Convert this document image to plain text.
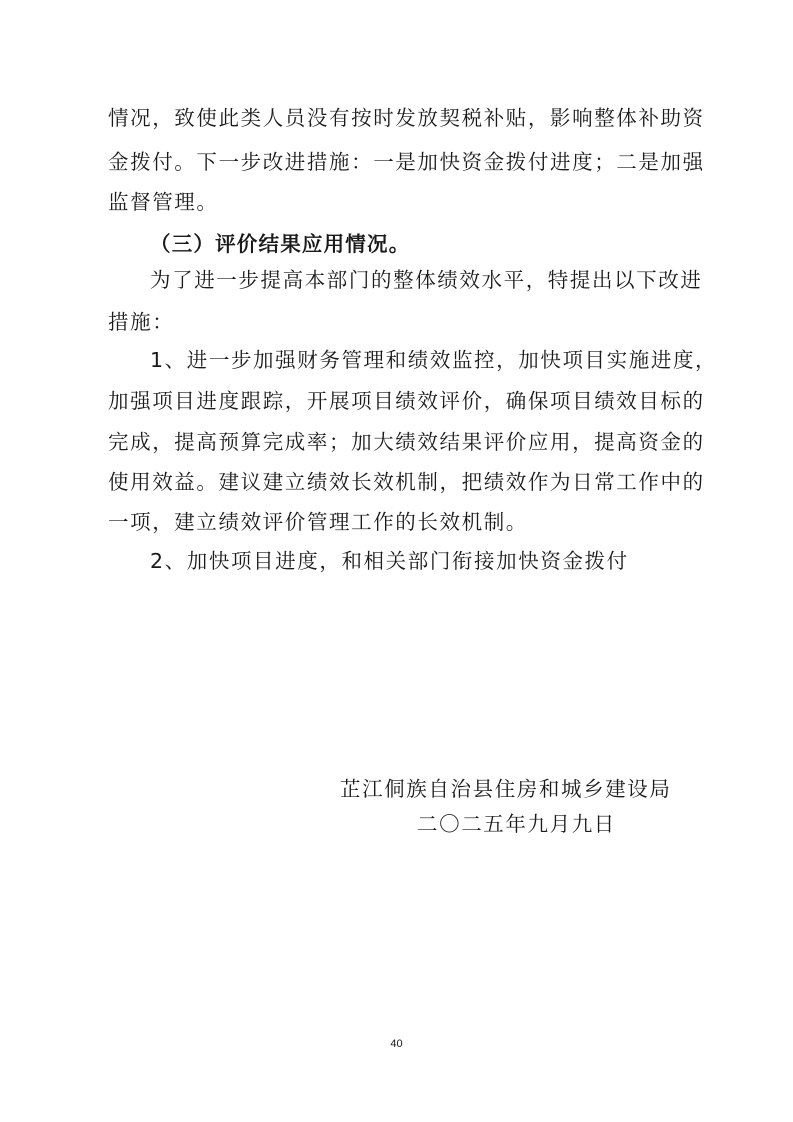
情况，致使此类人员没有按时发放契税补贴，影响整体补助资

金拨付。下一步改进措施：一是加快资金拨付进度；二是加强

监督管理。

（三）评价结果应用情况。

为了进一步提高本部门的整体绩效水平，特提出以下改进

措施：

1、进一步加强财务管理和绩效监控，加快项目实施进度，

加强项目进度跟踪，开展项目绩效评价，确保项目绩效目标的

完成，提高预算完成率；加大绩效结果评价应用，提高资金的

使用效益。建议建立绩效长效机制，把绩效作为日常工作中的

一项，建立绩效评价管理工作的长效机制。

2、加快项目进度，和相关部门衔接加快资金拨付

芷江侗族自治县住房和城乡建设局

二〇二五年九月九日

40
